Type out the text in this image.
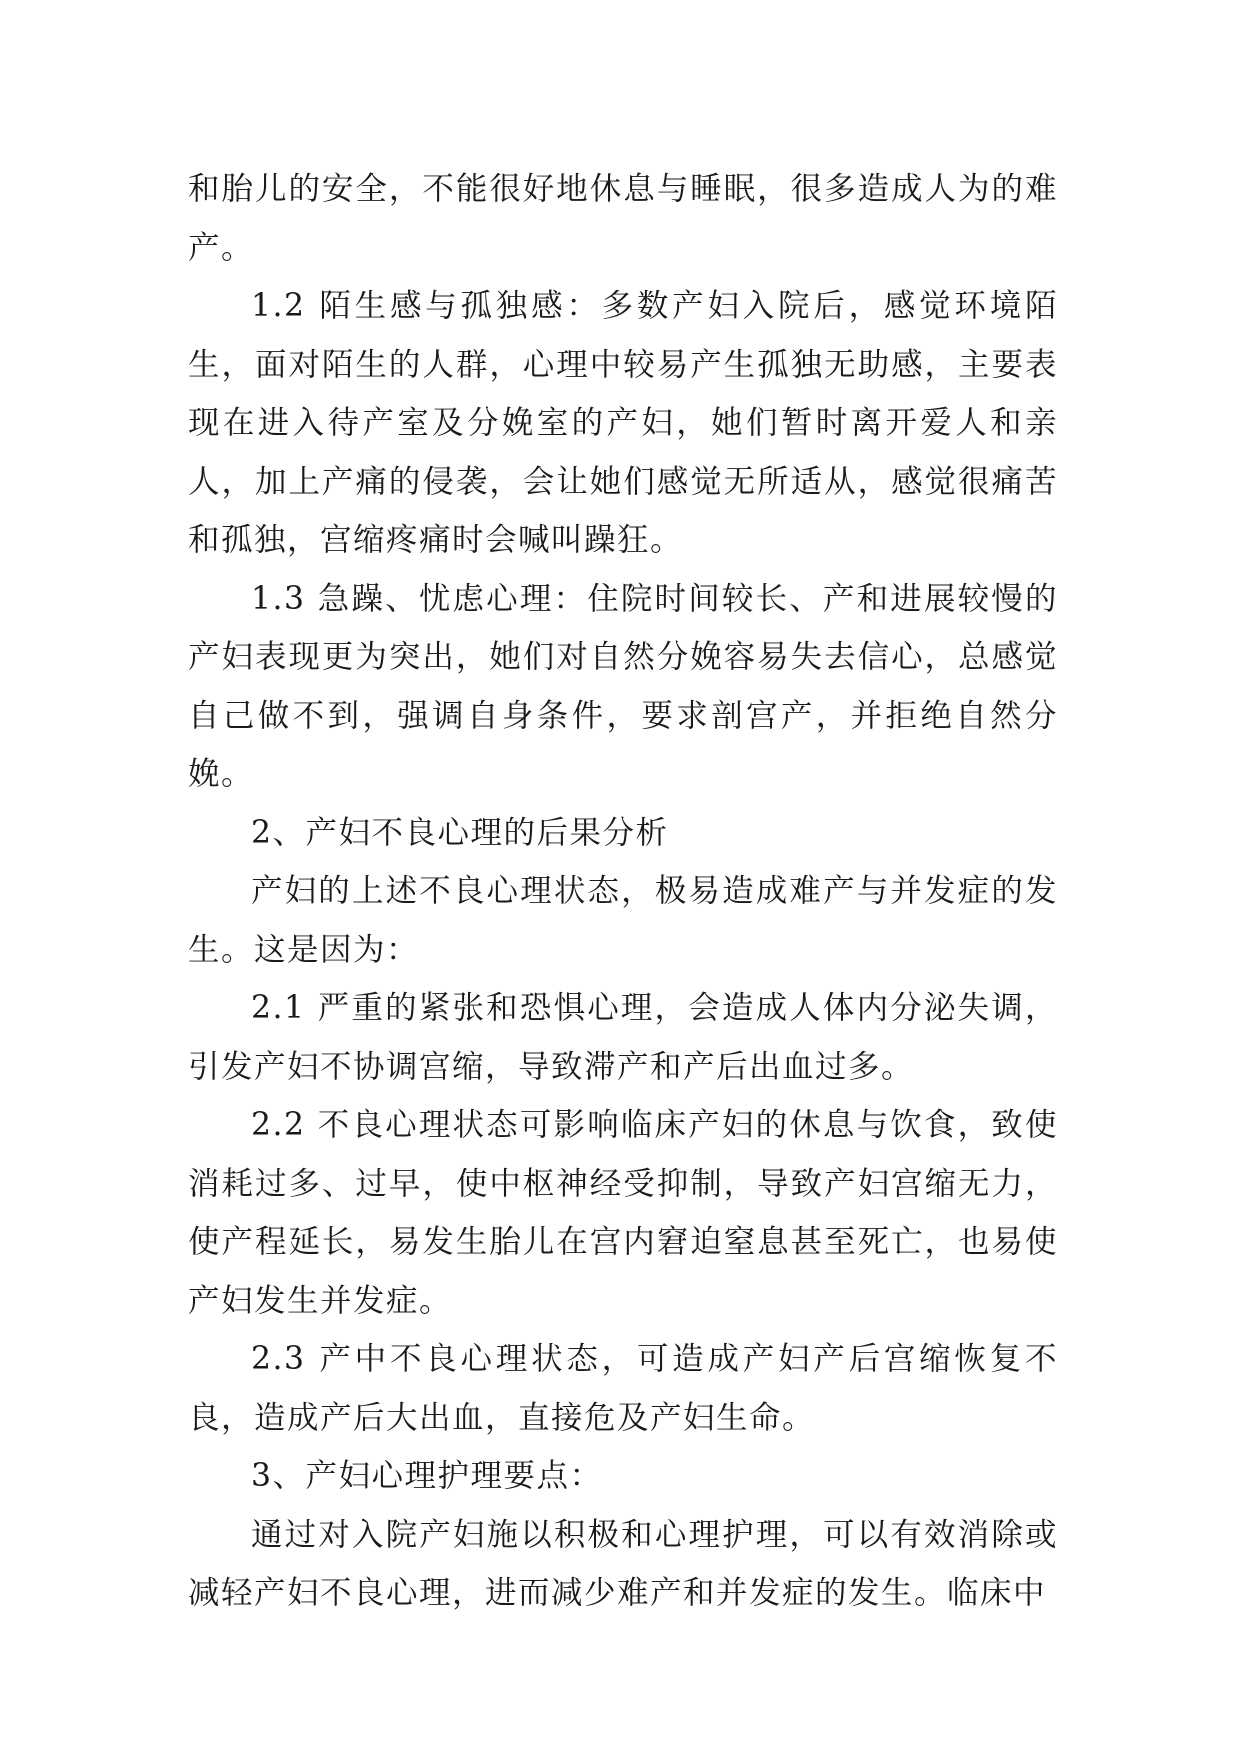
和胎儿的安全，不能很好地休息与睡眠，很多造成人为的难产。

1.2 陌生感与孤独感：多数产妇入院后，感觉环境陌生，面对陌生的人群，心理中较易产生孤独无助感，主要表现在进入待产室及分娩室的产妇，她们暂时离开爱人和亲人，加上产痛的侵袭，会让她们感觉无所适从，感觉很痛苦和孤独，宫缩疼痛时会喊叫躁狂。

1.3 急躁、忧虑心理：住院时间较长、产和进展较慢的产妇表现更为突出，她们对自然分娩容易失去信心，总感觉自己做不到，强调自身条件，要求剖宫产，并拒绝自然分娩。

2、产妇不良心理的后果分析

产妇的上述不良心理状态，极易造成难产与并发症的发生。这是因为：

2.1 严重的紧张和恐惧心理，会造成人体内分泌失调，引发产妇不协调宫缩，导致滞产和产后出血过多。

2.2 不良心理状态可影响临床产妇的休息与饮食，致使消耗过多、过早，使中枢神经受抑制，导致产妇宫缩无力，使产程延长，易发生胎儿在宫内窘迫窒息甚至死亡，也易使产妇发生并发症。

2.3 产中不良心理状态，可造成产妇产后宫缩恢复不良，造成产后大出血，直接危及产妇生命。

3、产妇心理护理要点：

通过对入院产妇施以积极和心理护理，可以有效消除或减轻产妇不良心理，进而减少难产和并发症的发生。临床中
